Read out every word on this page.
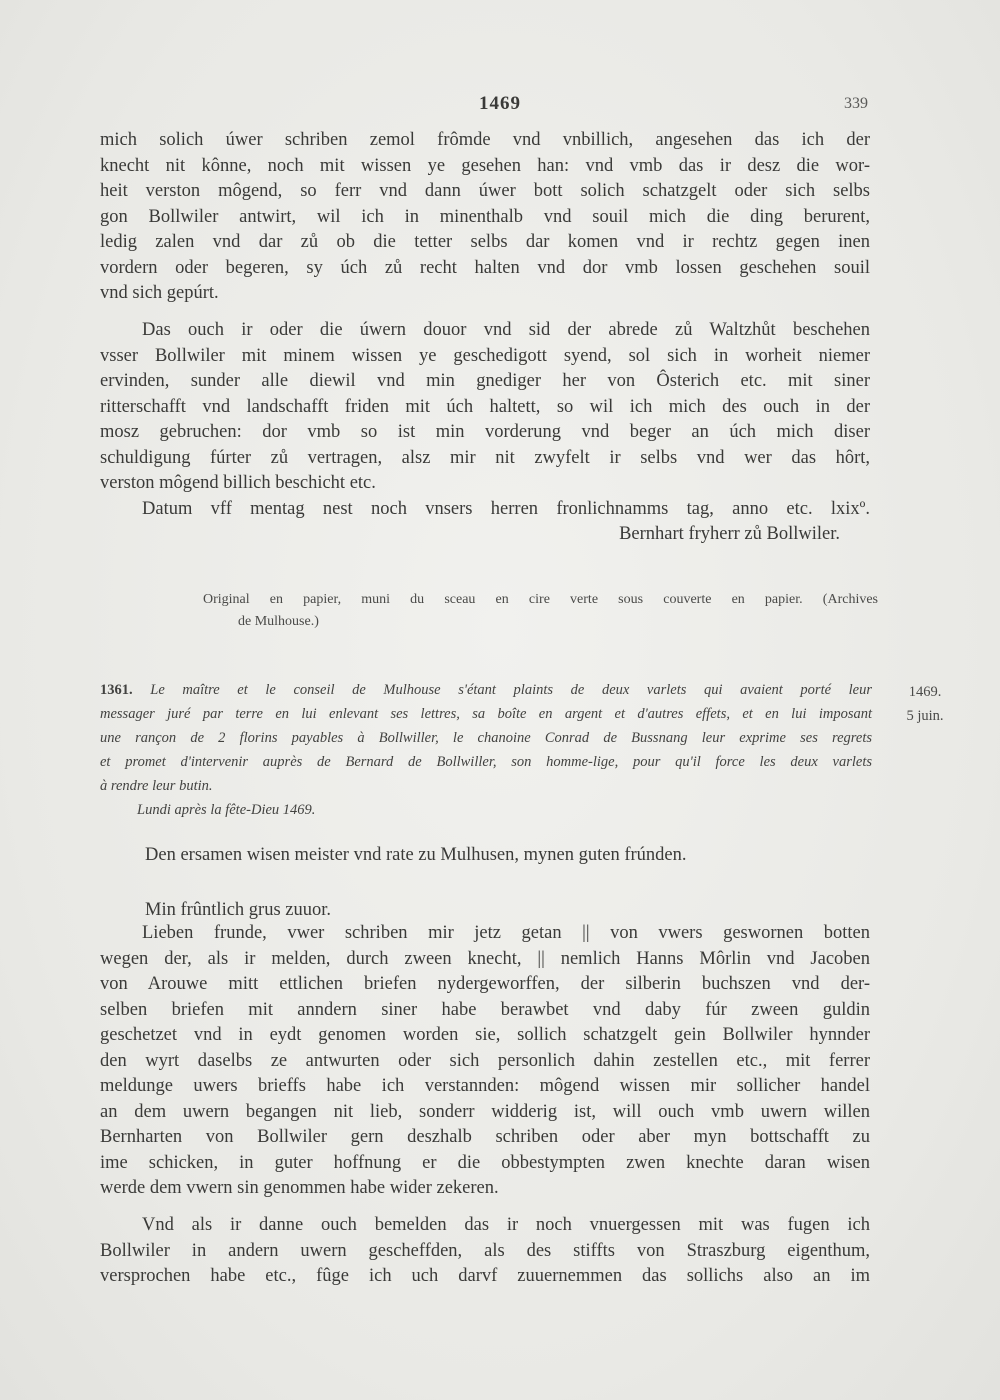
1469	339
mich solich úwer schriben zemol frômde vnd vnbillich, angesehen das ich der
knecht nit kônne, noch mit wissen ye gesehen han: vnd vmb das ir desz die wor-
heit verston môgend, so ferr vnd dann úwer bott solich schatzgelt oder sich selbs
gon Bollwiler antwirt, wil ich in minenthalb vnd souil mich die ding berurent,
ledig zalen vnd dar zů ob die tetter selbs dar komen vnd ir rechtz gegen inen
vordern oder begeren, sy úch zů recht halten vnd dor vmb lossen geschehen souil
vnd sich gepúrt.
Das ouch ir oder die úwern douor vnd sid der abrede zů Waltzhůt beschehen
vsser Bollwiler mit minem wissen ye geschedigott syend, sol sich in worheit niemer
ervinden, sunder alle diewil vnd min gnediger her von Ôsterich etc. mit siner
ritterschafft vnd landschafft friden mit úch haltett, so wil ich mich des ouch in der
mosz gebruchen: dor vmb so ist min vorderung vnd beger an úch mich diser
schuldigung fúrter zů vertragen, alsz mir nit zwyfelt ir selbs vnd wer das hôrt,
verston môgend billich beschicht etc.
Datum vff mentag nest noch vnsers herren fronlichnamms tag, anno etc. lxixº.
Bernhart fryherr zů Bollwiler.
Original en papier, muni du sceau en cire verte sous couverte en papier. (Archives
de Mulhouse.)
1361. Le maître et le conseil de Mulhouse s'étant plaints de deux varlets qui avaient porté leur
messager juré par terre en lui enlevant ses lettres, sa boîte en argent et d'autres effets, et en lui imposant
une rançon de 2 florins payables à Bollwiller, le chanoine Conrad de Bussnang leur exprime ses regrets
et promet d'intervenir auprès de Bernard de Bollwiller, son homme-lige, pour qu'il force les deux varlets
à rendre leur butin.
Lundi après la fête-Dieu 1469.
1469.
5 juin.
Den ersamen wisen meister vnd rate zu Mulhusen, mynen guten frúnden.
Min frûntlich grus zuuor.
Lieben frunde, vwer schriben mir jetz getan || von vwers geswornen botten
wegen der, als ir melden, durch zween knecht, || nemlich Hanns Môrlin vnd Jacoben
von Arouwe mitt ettlichen briefen nydergeworffen, der silberin buchszen vnd der-
selben briefen mit anndern siner habe berawbet vnd daby fúr zween guldin
geschetzet vnd in eydt genomen worden sie, sollich schatzgelt gein Bollwiler hynnder
den wyrt daselbs ze antwurten oder sich personlich dahin zestellen etc., mit ferrer
meldunge uwers brieffs habe ich verstannden: môgend wissen mir sollicher handel
an dem uwern begangen nit lieb, sonderr widderig ist, will ouch vmb uwern willen
Bernharten von Bollwiler gern deszhalb schriben oder aber myn bottschafft zu
ime schicken, in guter hoffnung er die obbestympten zwen knechte daran wisen
werde dem vwern sin genommen habe wider zekeren.
Vnd als ir danne ouch bemelden das ir noch vnuergessen mit was fugen ich
Bollwiler in andern uwern gescheffden, als des stiffts von Straszburg eigenthum,
versprochen habe etc., fûge ich uch darvf zuuernemmen das sollichs also an im
